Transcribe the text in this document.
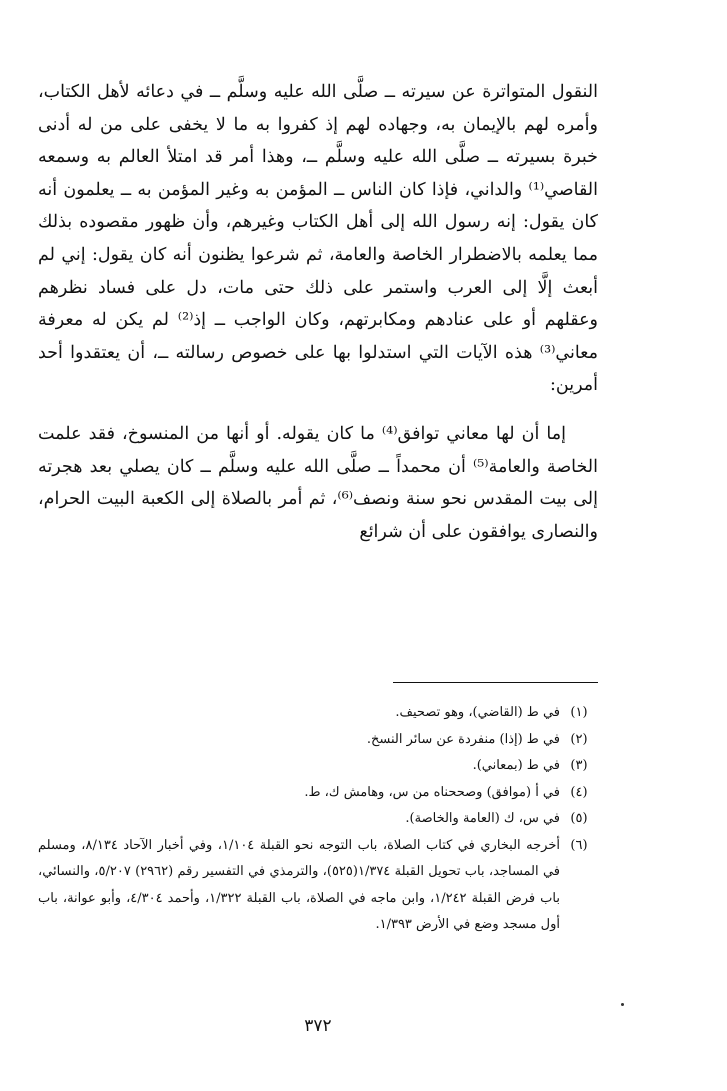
النقول المتواترة عن سيرته ــ صلَّى الله عليه وسلَّم ــ في دعائه لأهل الكتاب، وأمره لهم بالإيمان به، وجهاده لهم إذ كفروا به ما لا يخفى على من له أدنى خبرة بسيرته ــ صلَّى الله عليه وسلَّم ــ، وهذا أمر قد امتلأ العالم به وسمعه القاصي⁽¹⁾ والداني، فإذا كان الناس ــ المؤمن به وغير المؤمن به ــ يعلمون أنه كان يقول: إنه رسول الله إلى أهل الكتاب وغيرهم، وأن ظهور مقصوده بذلك مما يعلمه بالاضطرار الخاصة والعامة، ثم شرعوا يظنون أنه كان يقول: إني لم أبعث إلَّا إلى العرب واستمر على ذلك حتى مات، دل على فساد نظرهم وعقلهم أو على عنادهم ومكابرتهم، وكان الواجب ــ إذ⁽²⁾ لم يكن له معرفة معاني⁽³⁾ هذه الآيات التي استدلوا بها على خصوص رسالته ــ، أن يعتقدوا أحد أمرين:

إما أن لها معاني توافق⁽⁴⁾ ما كان يقوله. أو أنها من المنسوخ، فقد علمت الخاصة والعامة⁽⁵⁾ أن محمداً ــ صلَّى الله عليه وسلَّم ــ كان يصلي بعد هجرته إلى بيت المقدس نحو سنة ونصف⁽⁶⁾، ثم أمر بالصلاة إلى الكعبة البيت الحرام، والنصارى يوافقون على أن شرائع

(١)
في ط (القاضي)، وهو تصحيف.
(٢)
في ط (إذا) منفردة عن سائر النسخ.
(٣)
في ط (بمعاني).
(٤)
في أ (موافق) وصححناه من س، وهامش ك، ط.
(٥)
في س، ك (العامة والخاصة).
(٦)
أخرجه البخاري في كتاب الصلاة، باب التوجه نحو القبلة ١/١٠٤، وفي أخبار الآحاد ٨/١٣٤، ومسلم في المساجد، باب تحويل القبلة ١/٣٧٤(٥٢٥)، والترمذي في التفسير رقم (٢٩٦٢) ٥/٢٠٧، والنسائي، باب فرض القبلة ١/٢٤٢، وابن ماجه في الصلاة، باب القبلة ١/٣٢٢، وأحمد ٤/٣٠٤، وأبو عوانة، باب أول مسجد وضع في الأرض ١/٣٩٣.
٣٧٢
